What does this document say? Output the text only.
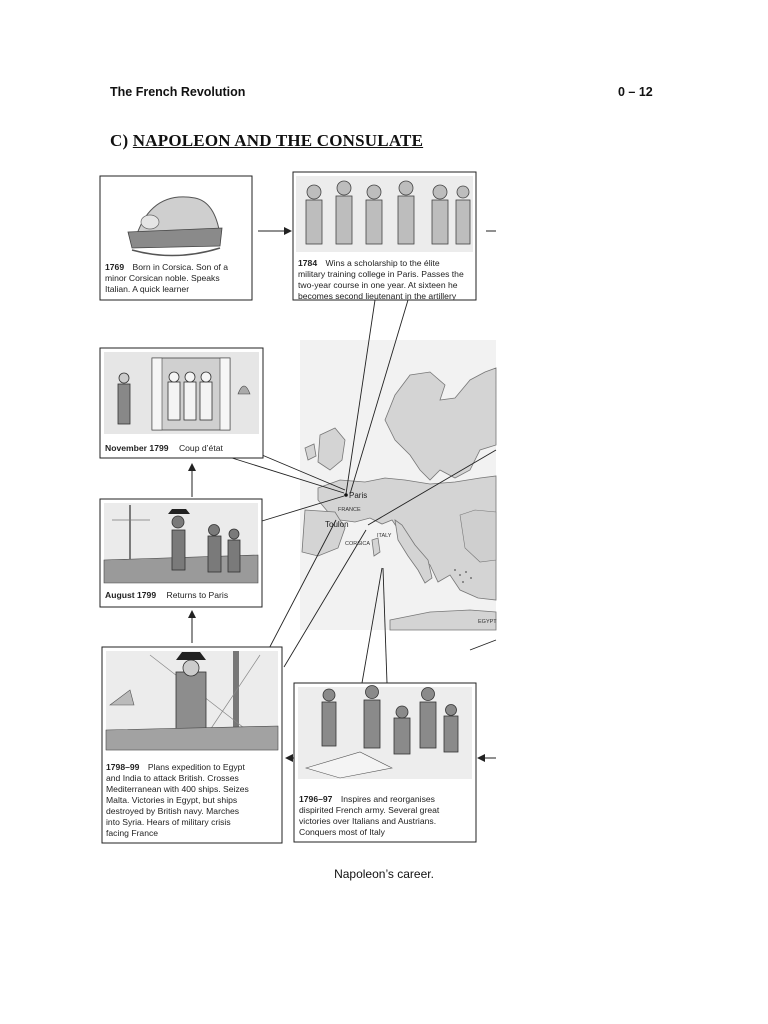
The French Revolution	0 – 12
C) NAPOLEON AND THE CONSULATE
Paris
FRANCE
Toulon
CORSICA
ITALY
EGYPT
1769 Born in Corsica. Son of a minor Corsican noble. Speaks Italian. A quick learner
1784 Wins a scholarship to the élite military training college in Paris. Passes the two-year course in one year. At sixteen he becomes second lieutenant in the artillery
November 1799 Coup d’état
August 1799 Returns to Paris
1798–99 Plans expedition to Egypt and India to attack British. Crosses Mediterranean with 400 ships. Seizes Malta. Victories in Egypt, but ships destroyed by British navy. Marches into Syria. Hears of military crisis facing France
1796–97 Inspires and reorganises dispirited French army. Several great victories over Italians and Austrians. Conquers most of Italy
Napoleon’s career.
